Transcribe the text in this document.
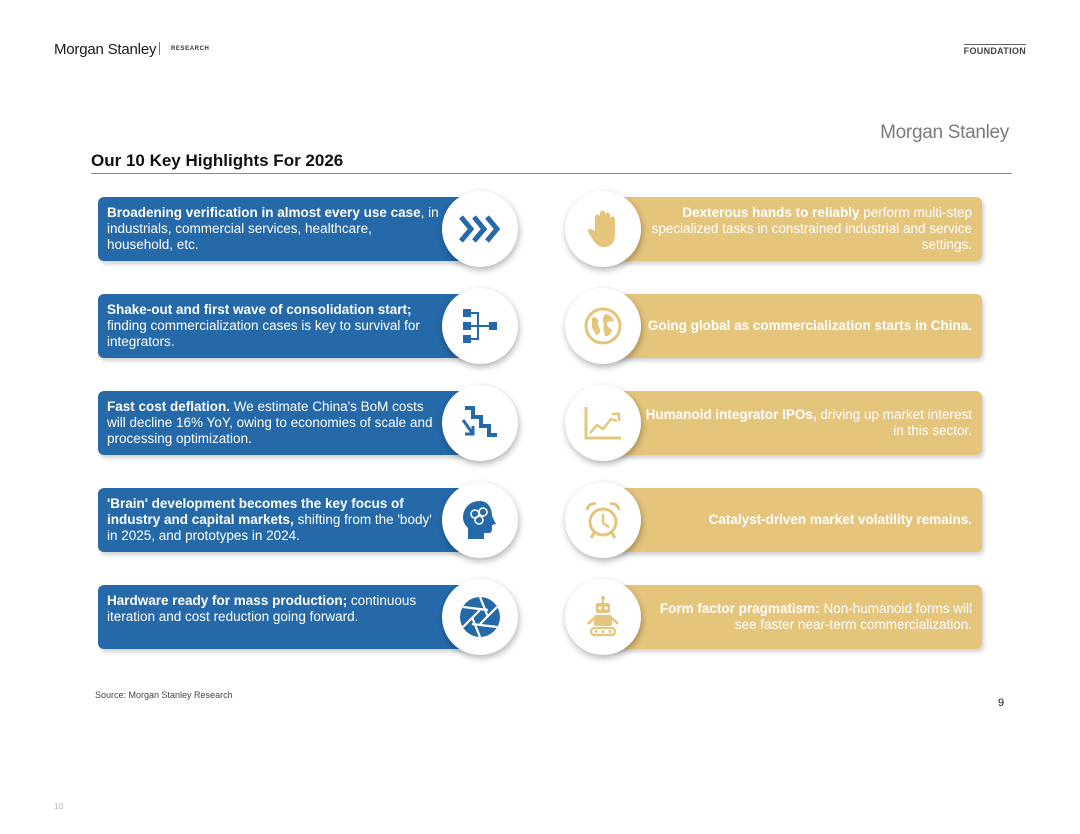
Morgan Stanley RESEARCH	FOUNDATION
Morgan Stanley
Our 10 Key Highlights For 2026
Broadening verification in almost every use case, in industrials, commercial services, healthcare, household, etc.
Shake-out and first wave of consolidation start; finding commercialization cases is key to survival for integrators.
Fast cost deflation. We estimate China's BoM costs will decline 16% YoY, owing to economies of scale and processing optimization.
'Brain' development becomes the key focus of industry and capital markets, shifting from the 'body' in 2025, and prototypes in 2024.
Hardware ready for mass production; continuous iteration and cost reduction going forward.
Dexterous hands to reliably perform multi-step specialized tasks in constrained industrial and service settings.
Going global as commercialization starts in China.
Humanoid integrator IPOs, driving up market interest in this sector.
Catalyst-driven market volatility remains.
Form factor pragmatism: Non-humanoid forms will see faster near-term commercialization.
Source: Morgan Stanley Research
9
10
